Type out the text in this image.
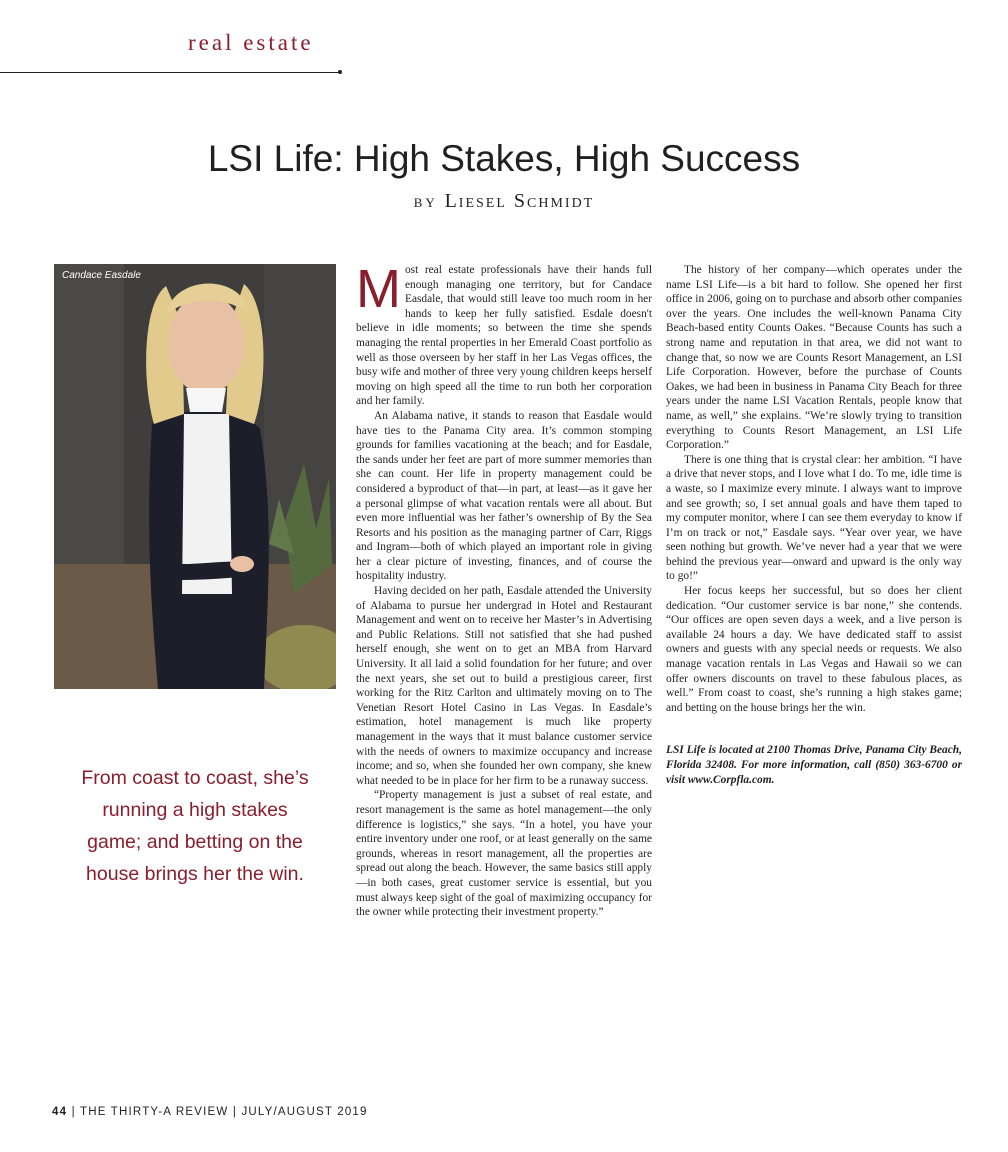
real estate
LSI Life: High Stakes, High Success
BY Liesel Schmidt
Candace Easdale
From coast to coast, she’s running a high stakes game; and betting on the house brings her the win.

Most real estate professionals have their hands full enough managing one territory, but for Candace Easdale, that would still leave too much room in her hands to keep her fully satisfied. Esdale doesn't believe in idle moments; so between the time she spends managing the rental properties in her Emerald Coast portfolio as well as those overseen by her staff in her Las Vegas offices, the busy wife and mother of three very young children keeps herself moving on high speed all the time to run both her corporation and her family.

An Alabama native, it stands to reason that Easdale would have ties to the Panama City area. It’s common stomping grounds for families vacationing at the beach; and for Easdale, the sands under her feet are part of more summer memories than she can count. Her life in property management could be considered a byproduct of that—in part, at least—as it gave her a personal glimpse of what vacation rentals were all about. But even more influential was her father’s ownership of By the Sea Resorts and his position as the managing partner of Carr, Riggs and Ingram—both of which played an important role in giving her a clear picture of investing, finances, and of course the hospitality industry.

Having decided on her path, Easdale attended the University of Alabama to pursue her undergrad in Hotel and Restaurant Management and went on to receive her Master’s in Advertising and Public Relations. Still not satisfied that she had pushed herself enough, she went on to get an MBA from Harvard University. It all laid a solid foundation for her future; and over the next years, she set out to build a prestigious career, first working for the Ritz Carlton and ultimately moving on to The Venetian Resort Hotel Casino in Las Vegas. In Easdale’s estimation, hotel management is much like property management in the ways that it must balance customer service with the needs of owners to maximize occupancy and increase income; and so, when she founded her own company, she knew what needed to be in place for her firm to be a runaway success.

“Property management is just a subset of real estate, and resort management is the same as hotel management—the only difference is logistics,” she says. “In a hotel, you have your entire inventory under one roof, or at least generally on the same grounds, whereas in resort management, all the properties are spread out along the beach. However, the same basics still apply—in both cases, great customer service is essential, but you must always keep sight of the goal of maximizing occupancy for the owner while protecting their investment property.”

The history of her company—which operates under the name LSI Life—is a bit hard to follow. She opened her first office in 2006, going on to purchase and absorb other companies over the years. One includes the well-known Panama City Beach-based entity Counts Oakes. “Because Counts has such a strong name and reputation in that area, we did not want to change that, so now we are Counts Resort Management, an LSI Life Corporation. However, before the purchase of Counts Oakes, we had been in business in Panama City Beach for three years under the name LSI Vacation Rentals, people know that name, as well,” she explains. “We’re slowly trying to transition everything to Counts Resort Management, an LSI Life Corporation.”

There is one thing that is crystal clear: her ambition. “I have a drive that never stops, and I love what I do. To me, idle time is a waste, so I maximize every minute. I always want to improve and see growth; so, I set annual goals and have them taped to my computer monitor, where I can see them everyday to know if I’m on track or not,” Easdale says. “Year over year, we have seen nothing but growth. We’ve never had a year that we were behind the previous year—onward and upward is the only way to go!”

Her focus keeps her successful, but so does her client dedication. “Our customer service is bar none,” she contends. “Our offices are open seven days a week, and a live person is available 24 hours a day. We have dedicated staff to assist owners and guests with any special needs or requests. We also manage vacation rentals in Las Vegas and Hawaii so we can offer owners discounts on travel to these fabulous places, as well.” From coast to coast, she’s running a high stakes game; and betting on the house brings her the win.

LSI Life is located at 2100 Thomas Drive, Panama City Beach, Florida 32408. For more information, call (850) 363-6700 or visit www.Corpfla.com.

44 | THE THIRTY-A REVIEW | JULY/AUGUST 2019
